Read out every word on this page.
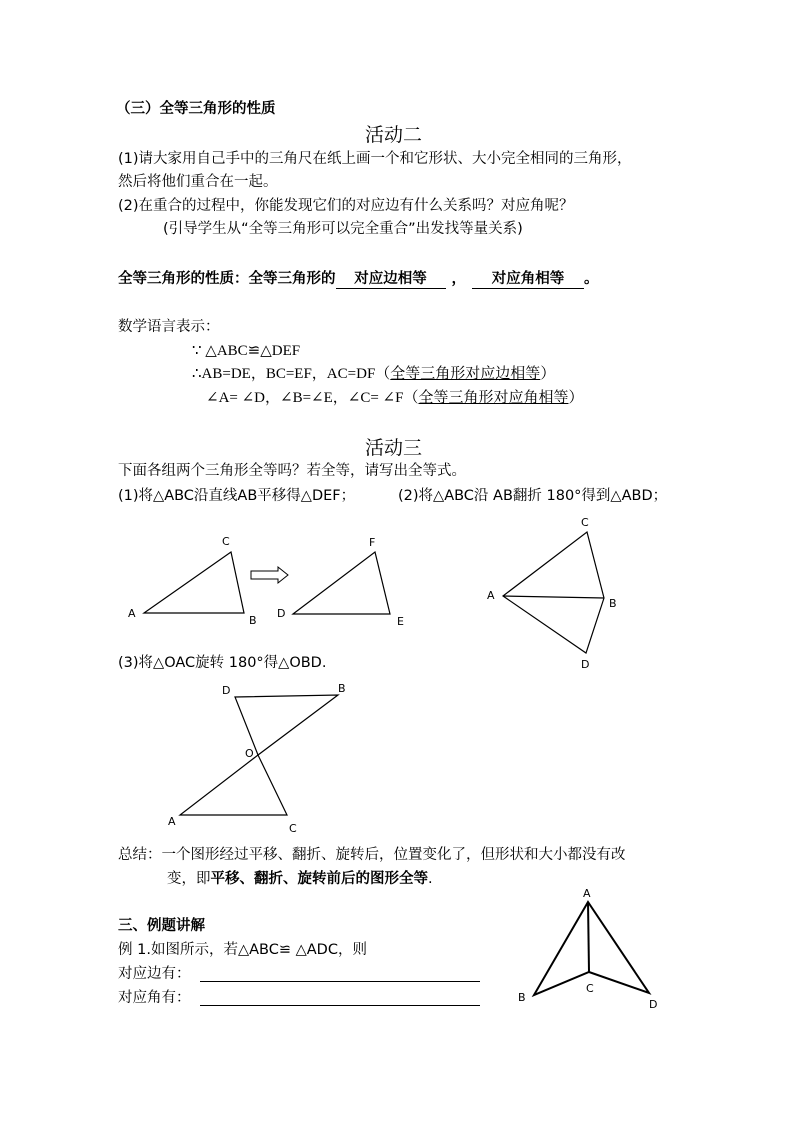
（三）全等三角形的性质
活动二
(1)请大家用自己手中的三角尺在纸上画一个和它形状、大小完全相同的三角形，
然后将他们重合在一起。
(2)在重合的过程中，你能发现它们的对应边有什么关系吗？对应角呢？
(引导学生从“全等三角形可以完全重合”出发找等量关系)
全等三角形的性质：全等三角形的 对应边相等 ， 对应角相等 。
数学语言表示：
∵ △ABC≌△DEF
∴AB=DE，BC=EF，AC=DF（全等三角形对应边相等）
∠A= ∠D，∠B=∠E，∠C= ∠F（全等三角形对应角相等）
活动三
下面各组两个三角形全等吗？若全等，请写出全等式。
(1)将△ABC沿直线AB平移得△DEF；	(2)将△ABC沿 AB翻折 180°得到△ABD；
(3)将△OAC旋转 180°得△OBD.
C
A
B
F
D
E
C
A
B
D
D	B
O
A
C
A
B
C
D
总结：一个图形经过平移、翻折、旋转后，位置变化了，但形状和大小都没有改
变，即平移、翻折、旋转前后的图形全等.
三、例题讲解
例 1.如图所示，若△ABC≌ △ADC，则
对应边有：
对应角有：
